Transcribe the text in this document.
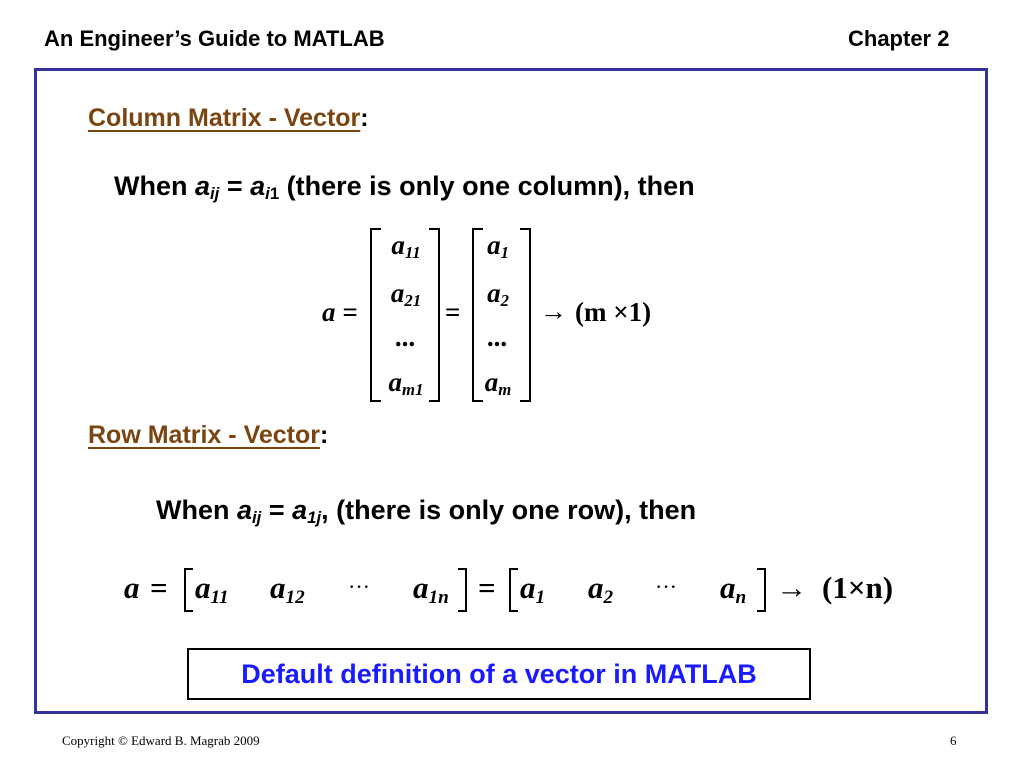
An Engineer’s Guide to MATLAB	Chapter 2
Column Matrix - Vector:
When $a_{ij} = a_{i1}$ (there is only one column), then
a =
$a_{11}$
$a_{21}$
...
$a_{m1}$
=
$a_1$
$a_2$
...
$a_m$
→ (m ×1)
Row Matrix - Vector:
When $a_{ij} = a_{1j}$, (there is only one row), then
a =	=
$a_{11}$ $a_{12}$ ··· $a_{1n}$ $a_1$ $a_2$ ··· $a_n \to (1\times n)$
Default definition of a vector in MATLAB
Copyright © Edward B. Magrab 2009	6
